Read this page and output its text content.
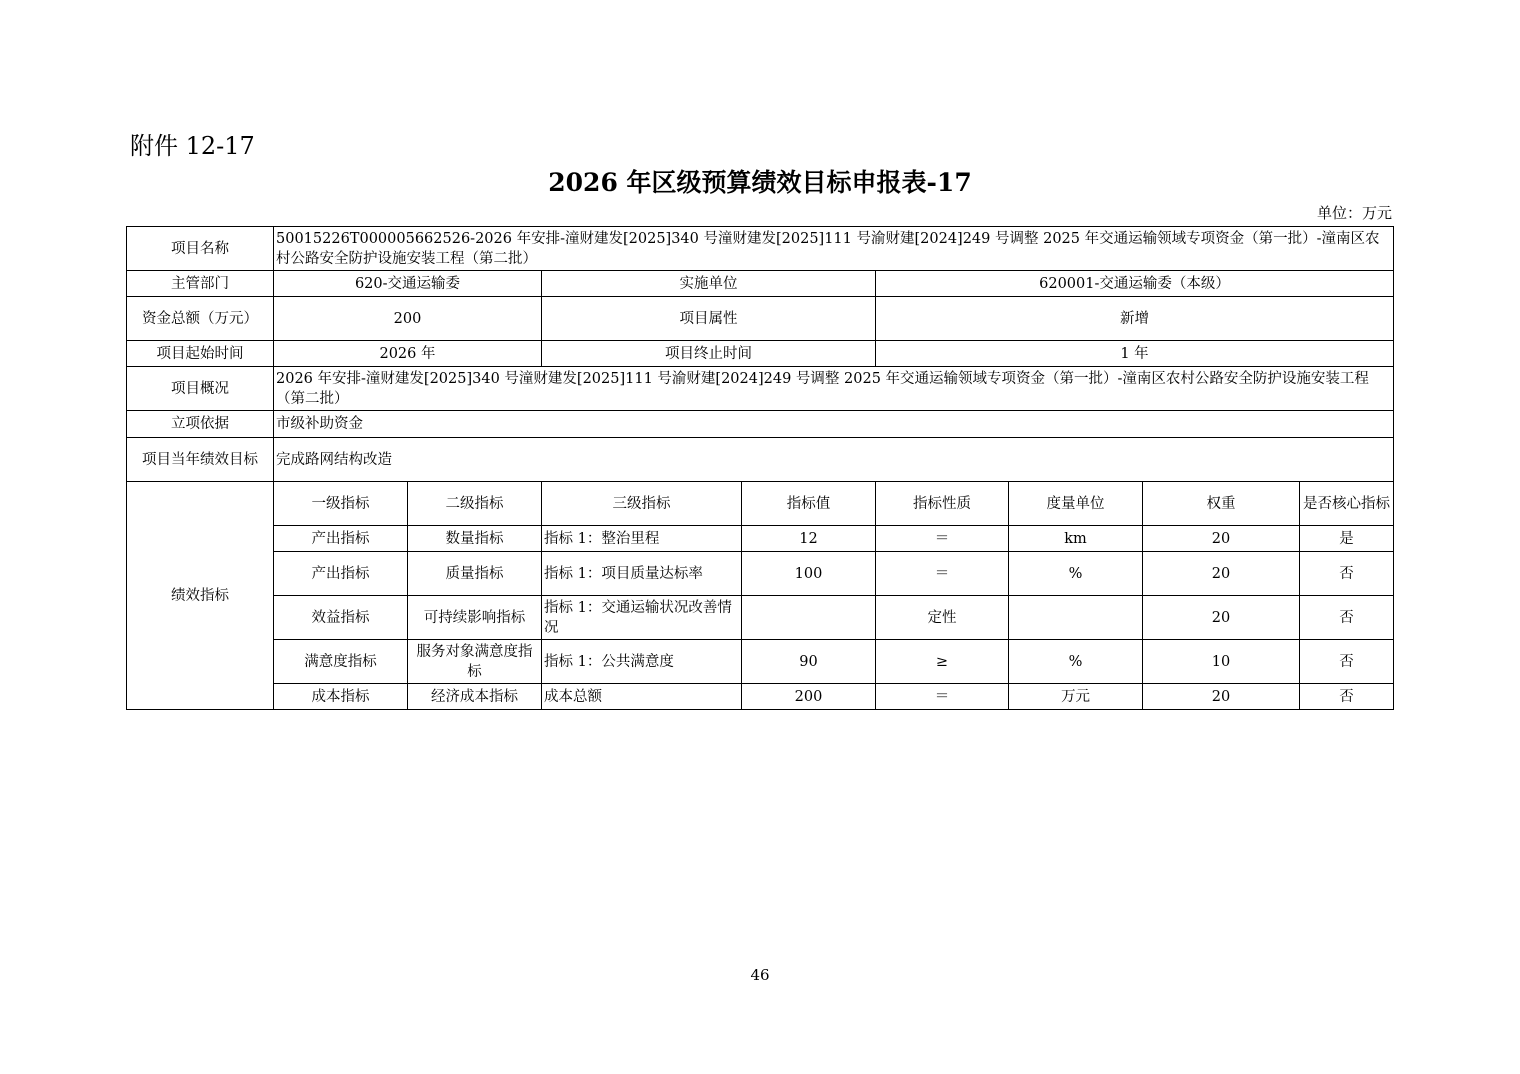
附件 12-17
2026 年区级预算绩效目标申报表-17
单位：万元
项目名称	50015226T000005662526-2026 年安排-潼财建发[2025]340 号潼财建发[2025]111 号渝财建[2024]249 号调整 2025 年交通运输领域专项资金（第一批）-潼南区农村公路安全防护设施安装工程（第二批）							
主管部门	620-交通运输委		实施单位		620001-交通运输委（本级）			
资金总额（万元）	200		项目属性		新增			
项目起始时间	2026 年		项目终止时间		1 年			
项目概况	2026 年安排-潼财建发[2025]340 号潼财建发[2025]111 号渝财建[2024]249 号调整 2025 年交通运输领域专项资金（第一批）-潼南区农村公路安全防护设施安装工程（第二批）							
立项依据	市级补助资金							
项目当年绩效目标	完成路网结构改造							
绩效指标	一级指标	二级指标	三级指标	指标值	指标性质	度量单位	权重	是否核心指标
	产出指标	数量指标	指标 1：整治里程	12	＝	km	20	是
	产出指标	质量指标	指标 1：项目质量达标率	100	＝	%	20	否
	效益指标	可持续影响指标	指标 1：交通运输状况改善情况		定性		20	否
	满意度指标	服务对象满意度指标	指标 1：公共满意度	90	≥	%	10	否
	成本指标	经济成本指标	成本总额	200	＝	万元	20	否
46
